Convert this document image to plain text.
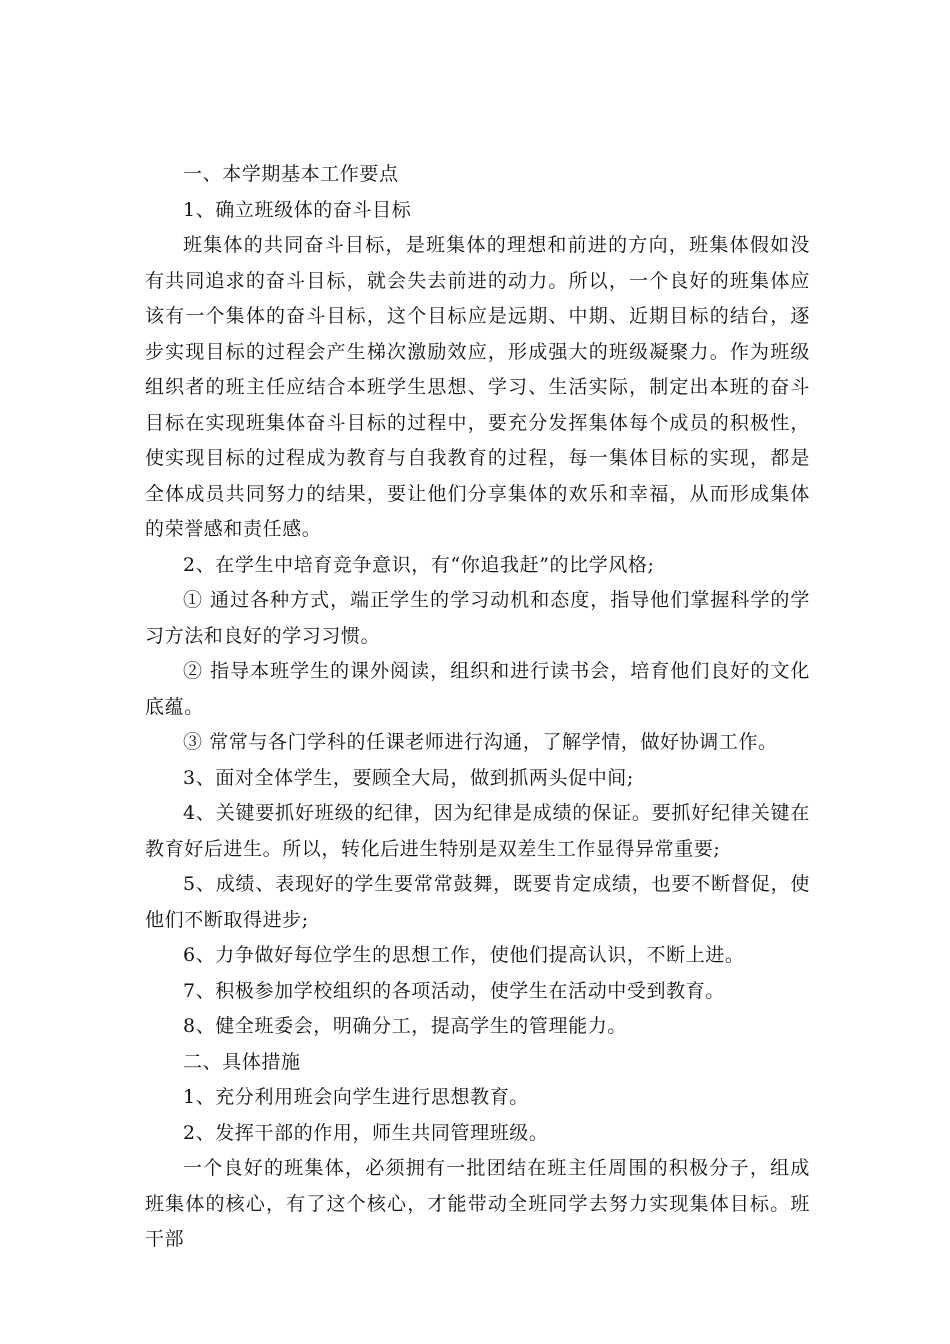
一、本学期基本工作要点

1、确立班级体的奋斗目标

班集体的共同奋斗目标，是班集体的理想和前进的方向，班集体假如没有共同追求的奋斗目标，就会失去前进的动力。所以，一个良好的班集体应该有一个集体的奋斗目标，这个目标应是远期、中期、近期目标的结台，逐步实现目标的过程会产生梯次激励效应，形成强大的班级凝聚力。作为班级组织者的班主任应结合本班学生思想、学习、生活实际，制定出本班的奋斗目标在实现班集体奋斗目标的过程中，要充分发挥集体每个成员的积极性，使实现目标的过程成为教育与自我教育的过程，每一集体目标的实现，都是全体成员共同努力的结果，要让他们分享集体的欢乐和幸福，从而形成集体的荣誉感和责任感。

2、在学生中培育竞争意识，有“你追我赶”的比学风格;

① 通过各种方式，端正学生的学习动机和态度，指导他们掌握科学的学习方法和良好的学习习惯。

② 指导本班学生的课外阅读，组织和进行读书会，培育他们良好的文化底蕴。

③ 常常与各门学科的任课老师进行沟通，了解学情，做好协调工作。

3、面对全体学生，要顾全大局，做到抓两头促中间;

4、关键要抓好班级的纪律，因为纪律是成绩的保证。要抓好纪律关键在教育好后进生。所以，转化后进生特别是双差生工作显得异常重要;

5、成绩、表现好的学生要常常鼓舞，既要肯定成绩，也要不断督促，使他们不断取得进步;

6、力争做好每位学生的思想工作，使他们提高认识，不断上进。

7、积极参加学校组织的各项活动，使学生在活动中受到教育。

8、健全班委会，明确分工，提高学生的管理能力。

二、具体措施

1、充分利用班会向学生进行思想教育。

2、发挥干部的作用，师生共同管理班级。

一个良好的班集体，必须拥有一批团结在班主任周围的积极分子，组成班集体的核心，有了这个核心，才能带动全班同学去努力实现集体目标。班干部
